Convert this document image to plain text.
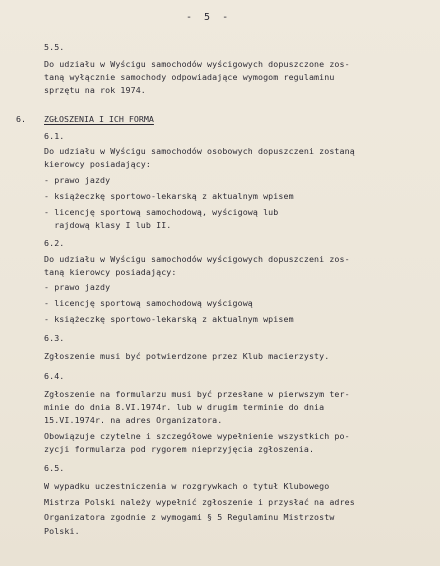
- 5 -
5.5.
Do udziału w Wyścigu samochodów wyścigowych dopuszczone zos-
taną wyłącznie samochody odpowiadające wymogom regulaminu
sprzętu na rok 1974.
6. ZGŁOSZENIA I ICH FORMA
6.1.
Do udziału w Wyścigu samochodów osobowych dopuszczeni zostaną
kierowcy posiadający:
- prawo jazdy
- książeczkę sportowo-lekarską z aktualnym wpisem
- licencję sportową samochodową, wyścigową lub
rajdową klasy I lub II.
6.2.
Do udziału w Wyścigu samochodów wyścigowych dopuszczeni zos-
taną kierowcy posiadający:
- prawo jazdy
- licencję sportową samochodową wyścigową
- książeczkę sportowo-lekarską z aktualnym wpisem
6.3.
Zgłoszenie musi być potwierdzone przez Klub macierzysty.
6.4.
Zgłoszenie na formularzu musi być przesłane w pierwszym ter-
minie do dnia 8.VI.1974r. lub w drugim terminie do dnia
15.VI.1974r. na adres Organizatora.
Obowiązuje czytelne i szczegółowe wypełnienie wszystkich po-
zycji formularza pod rygorem nieprzyjęcia zgłoszenia.
6.5.
W wypadku uczestniczenia w rozgrywkach o tytuł Klubowego
Mistrza Polski należy wypełnić zgłoszenie i przysłać na adres
Organizatora zgodnie z wymogami § 5 Regulaminu Mistrzostw
Polski.
